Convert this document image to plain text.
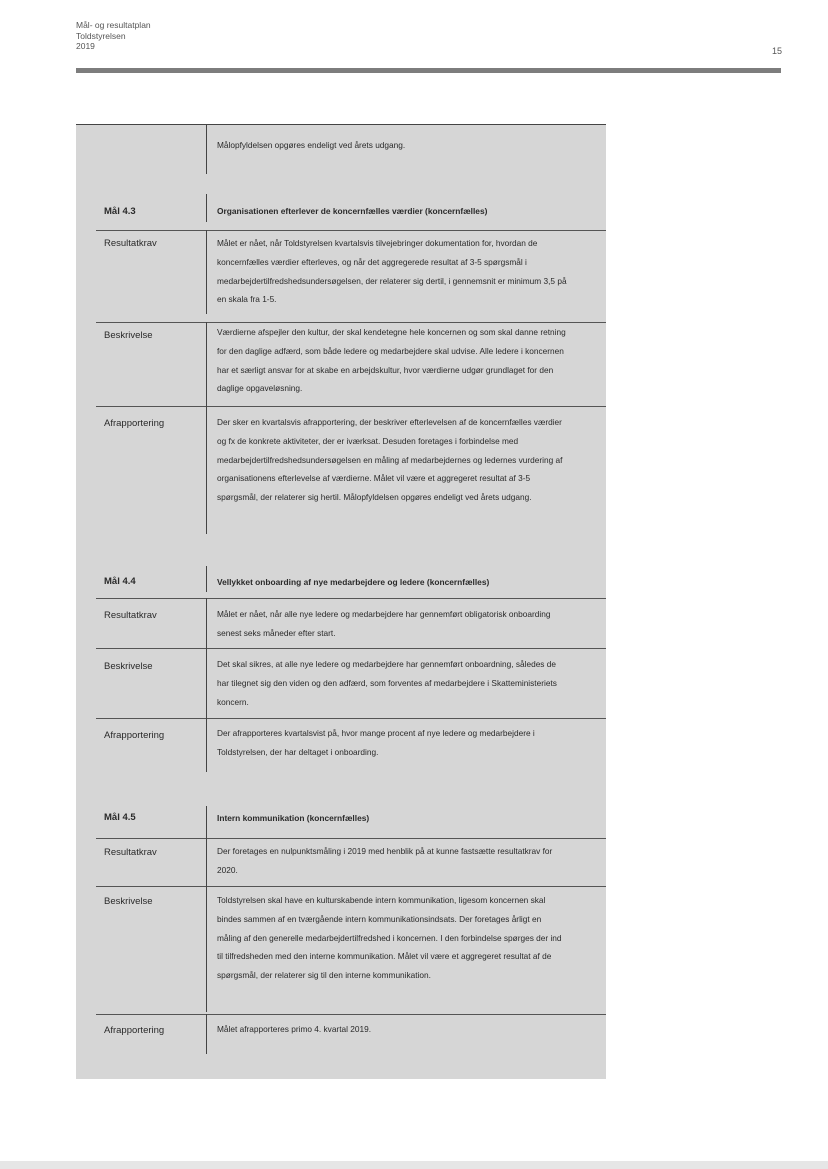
Mål- og resultatplan
Toldstyrelsen
2019	15
Målopfyldelsen opgøres endeligt ved årets udgang.
Mål 4.3	Organisationen efterlever de koncernfælles værdier (koncernfælles)
Resultatkrav	Målet er nået, når Toldstyrelsen kvartalsvis tilvejebringer dokumentation for, hvordan de koncernfælles værdier efterleves, og når det aggregerede resultat af 3-5 spørgsmål i medarbejdertilfredshedsundersøgelsen, der relaterer sig dertil, i gennemsnit er minimum 3,5 på en skala fra 1-5.
Beskrivelse	Værdierne afspejler den kultur, der skal kendetegne hele koncernen og som skal danne retning for den daglige adfærd, som både ledere og medarbejdere skal udvise. Alle ledere i koncernen har et særligt ansvar for at skabe en arbejdskultur, hvor værdierne udgør grundlaget for den daglige opgaveløsning.
Afrapportering	Der sker en kvartalsvis afrapportering, der beskriver efterlevelsen af de koncernfælles værdier og fx de konkrete aktiviteter, der er iværksat. Desuden foretages i forbindelse med medarbejdertilfredshedsundersøgelsen en måling af medarbejdernes og ledernes vurdering af organisationens efterlevelse af værdierne. Målet vil være et aggregeret resultat af 3-5 spørgsmål, der relaterer sig hertil. Målopfyldelsen opgøres endeligt ved årets udgang.
Mål 4.4	Vellykket onboarding af nye medarbejdere og ledere (koncernfælles)
Resultatkrav	Målet er nået, når alle nye ledere og medarbejdere har gennemført obligatorisk onboarding senest seks måneder efter start.
Beskrivelse	Det skal sikres, at alle nye ledere og medarbejdere har gennemført onboardning, således de har tilegnet sig den viden og den adfærd, som forventes af medarbejdere i Skatteministeriets koncern.
Afrapportering	Der afrapporteres kvartalsvist på, hvor mange procent af nye ledere og medarbejdere i Toldstyrelsen, der har deltaget i onboarding.
Mål 4.5	Intern kommunikation (koncernfælles)
Resultatkrav	Der foretages en nulpunktsmåling i 2019 med henblik på at kunne fastsætte resultatkrav for 2020.
Beskrivelse	Toldstyrelsen skal have en kulturskabende intern kommunikation, ligesom koncernen skal bindes sammen af en tværgående intern kommunikationsindsats. Der foretages årligt en måling af den generelle medarbejdertilfredshed i koncernen. I den forbindelse spørges der ind til tilfredsheden med den interne kommunikation. Målet vil være et aggregeret resultat af de spørgsmål, der relaterer sig til den interne kommunikation.
Afrapportering	Målet afrapporteres primo 4. kvartal 2019.
